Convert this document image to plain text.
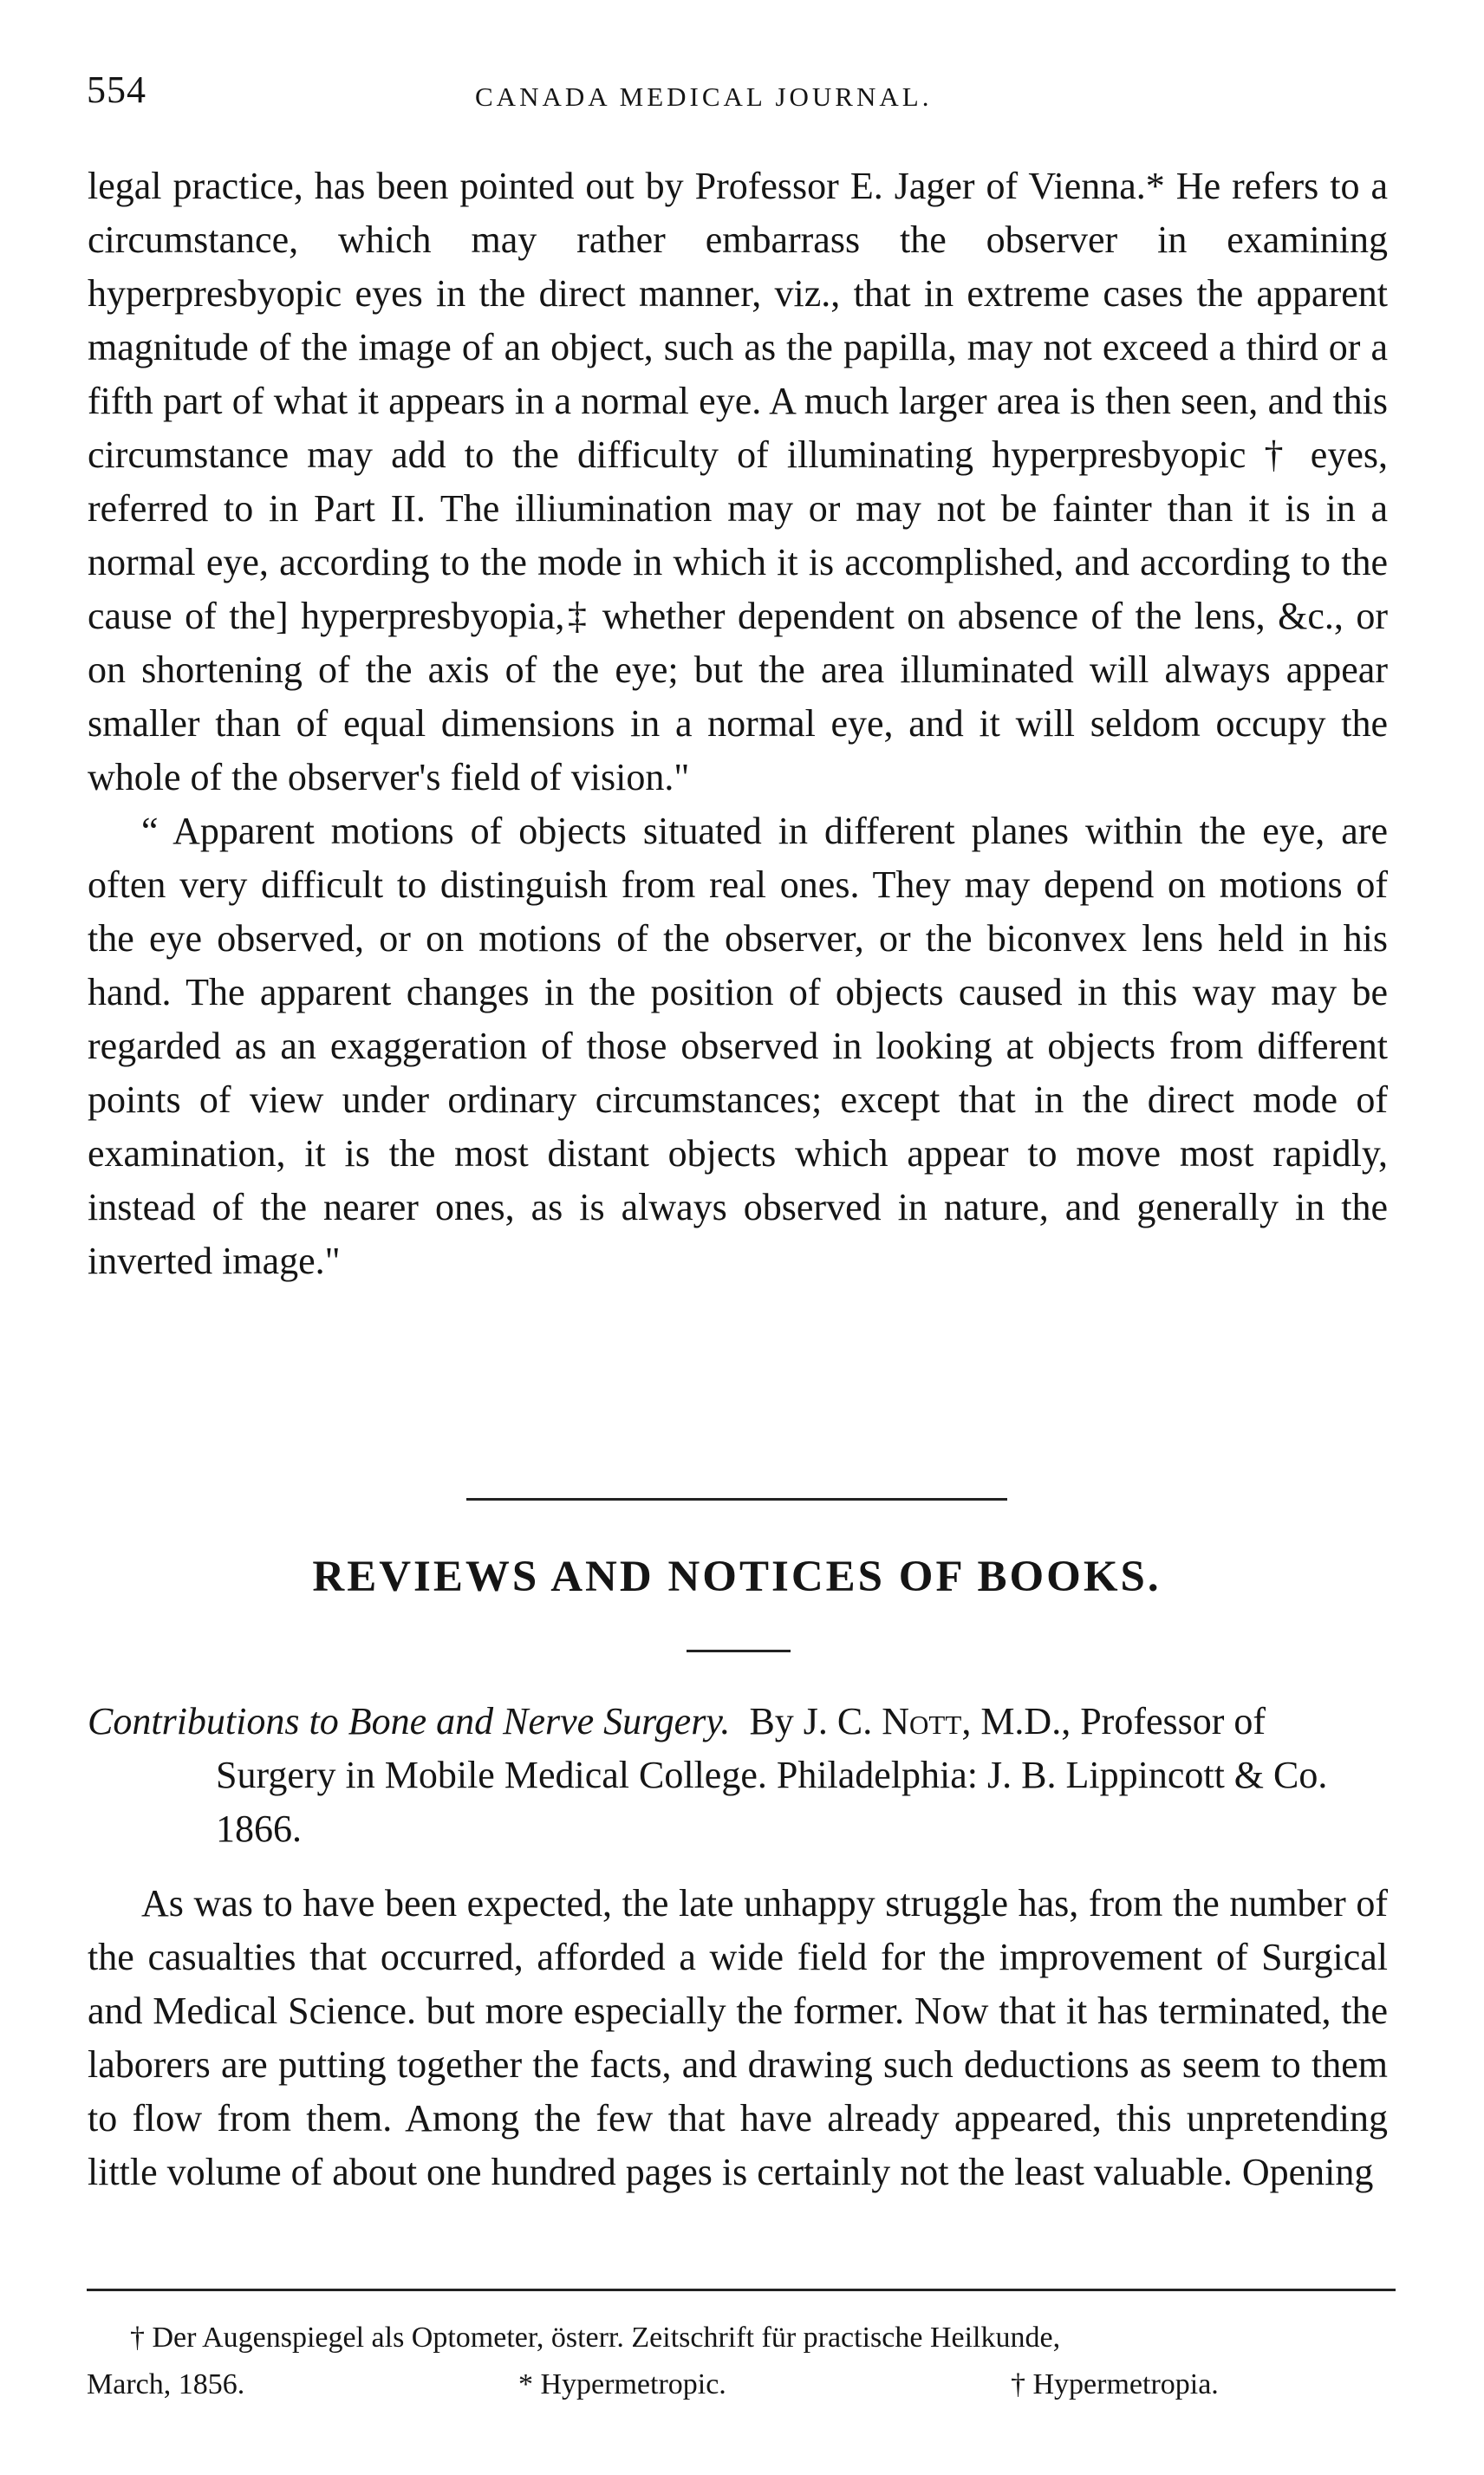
554	CANADA MEDICAL JOURNAL.

legal practice, has been pointed out by Professor E. Jager of Vienna.* He refers to a circumstance, which may rather embarrass the observer in examining hyperpresbyopic eyes in the direct manner, viz., that in extreme cases the apparent magnitude of the image of an object, such as the papilla, may not exceed a third or a fifth part of what it appears in a normal eye. A much larger area is then seen, and this circumstance may add to the difficulty of illuminating hyperpresbyopic † eyes, referred to in Part II. The illiumination may or may not be fainter than it is in a normal eye, according to the mode in which it is accomplished, and according to the cause of the] hyperpresbyopia,‡ whether dependent on absence of the lens, &c., or on shortening of the axis of the eye; but the area illuminated will always appear smaller than of equal dimensions in a normal eye, and it will seldom occupy the whole of the observer's field of vision."

“ Apparent motions of objects situated in different planes within the eye, are often very difficult to distinguish from real ones. They may depend on motions of the eye observed, or on motions of the observer, or the biconvex lens held in his hand. The apparent changes in the position of objects caused in this way may be regarded as an exaggeration of those observed in looking at objects from different points of view under ordinary circumstances; except that in the direct mode of examination, it is the most distant objects which appear to move most rapidly, instead of the nearer ones, as is always observed in nature, and generally in the inverted image."

REVIEWS AND NOTICES OF BOOKS.

Contributions to Bone and Nerve Surgery. By J. C. Nott, M.D., Professor of Surgery in Mobile Medical College. Philadelphia: J. B. Lippincott & Co. 1866.

As was to have been expected, the late unhappy struggle has, from the number of the casualties that occurred, afforded a wide field for the improvement of Surgical and Medical Science. but more especially the former. Now that it has terminated, the laborers are putting together the facts, and drawing such deductions as seem to them to flow from them. Among the few that have already appeared, this unpretending little volume of about one hundred pages is certainly not the least valuable. Opening

† Der Augenspiegel als Optometer, österr. Zeitschrift für practische Heilkunde,
March, 1856.	* Hypermetropic.	† Hypermetropia.
